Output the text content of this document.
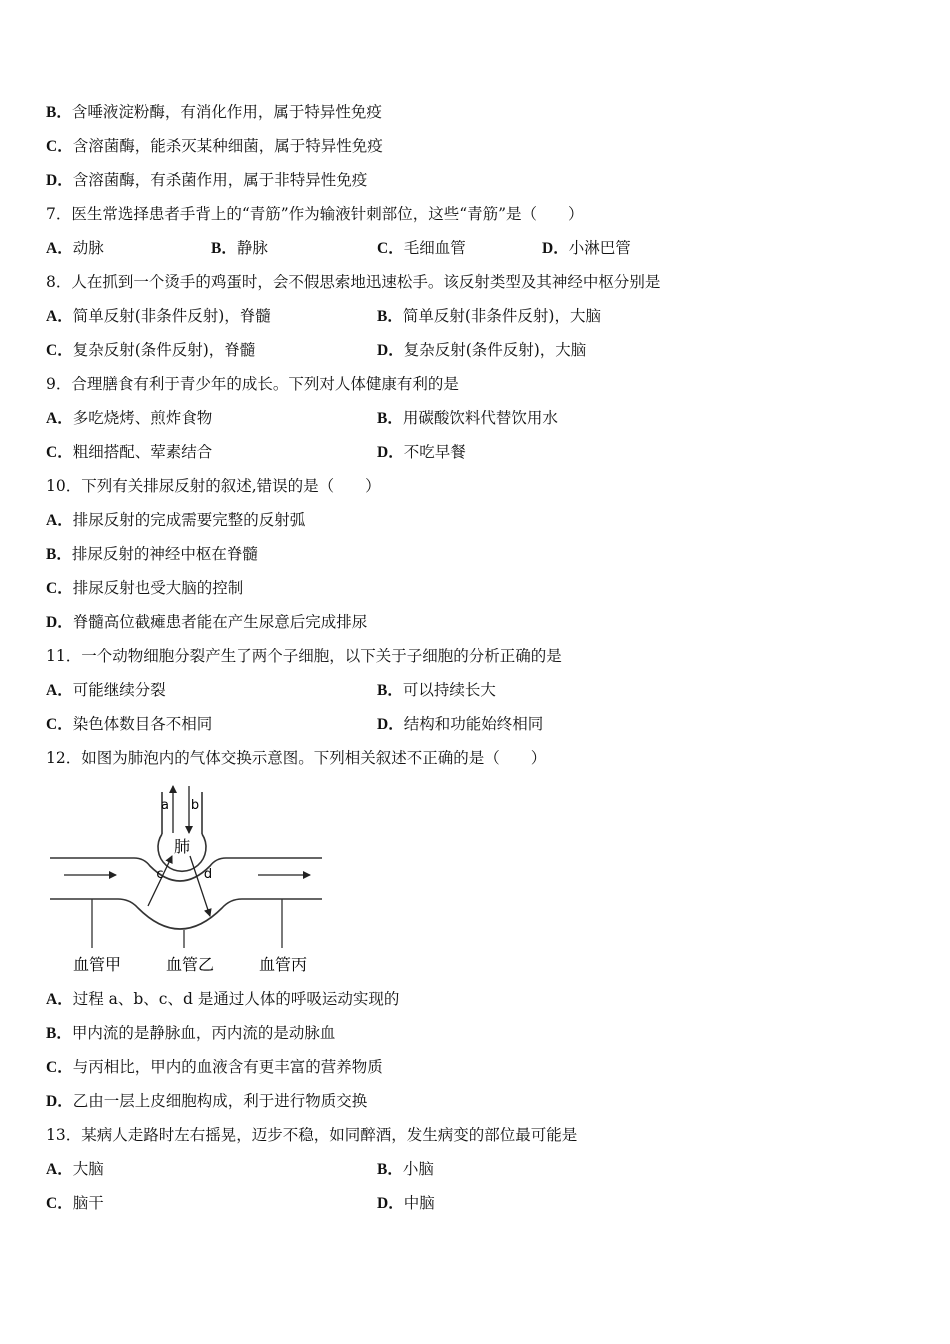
B．含唾液淀粉酶，有消化作用，属于特异性免疫
C．含溶菌酶，能杀灭某种细菌，属于特异性免疫
D．含溶菌酶，有杀菌作用，属于非特异性免疫
7．医生常选择患者手背上的“青筋”作为输液针刺部位，这些“青筋”是（　　）
A．动脉	B．静脉	C．毛细血管	D．小淋巴管
8．人在抓到一个烫手的鸡蛋时，会不假思索地迅速松手。该反射类型及其神经中枢分别是
A．简单反射(非条件反射)，脊髓	B．简单反射(非条件反射)，大脑
C．复杂反射(条件反射)，脊髓	D．复杂反射(条件反射)，大脑
9．合理膳食有利于青少年的成长。下列对人体健康有利的是
A．多吃烧烤、煎炸食物	B．用碳酸饮料代替饮用水
C．粗细搭配、荤素结合	D．不吃早餐
10．下列有关排尿反射的叙述,错误的是（　　）
A．排尿反射的完成需要完整的反射弧
B．排尿反射的神经中枢在脊髓
C．排尿反射也受大脑的控制
D．脊髓高位截瘫患者能在产生尿意后完成排尿
11．一个动物细胞分裂产生了两个子细胞，以下关于子细胞的分析正确的是
A．可能继续分裂	B．可以持续长大
C．染色体数目各不相同	D．结构和功能始终相同
12．如图为肺泡内的气体交换示意图。下列相关叙述不正确的是（　　）
肺
a b
c	d
血管甲	血管乙	血管丙
A．过程 a、b、c、d 是通过人体的呼吸运动实现的
B．甲内流的是静脉血，丙内流的是动脉血
C．与丙相比，甲内的血液含有更丰富的营养物质
D．乙由一层上皮细胞构成，利于进行物质交换
13．某病人走路时左右摇晃，迈步不稳，如同醉酒，发生病变的部位最可能是
A．大脑	B．小脑
C．脑干	D．中脑
